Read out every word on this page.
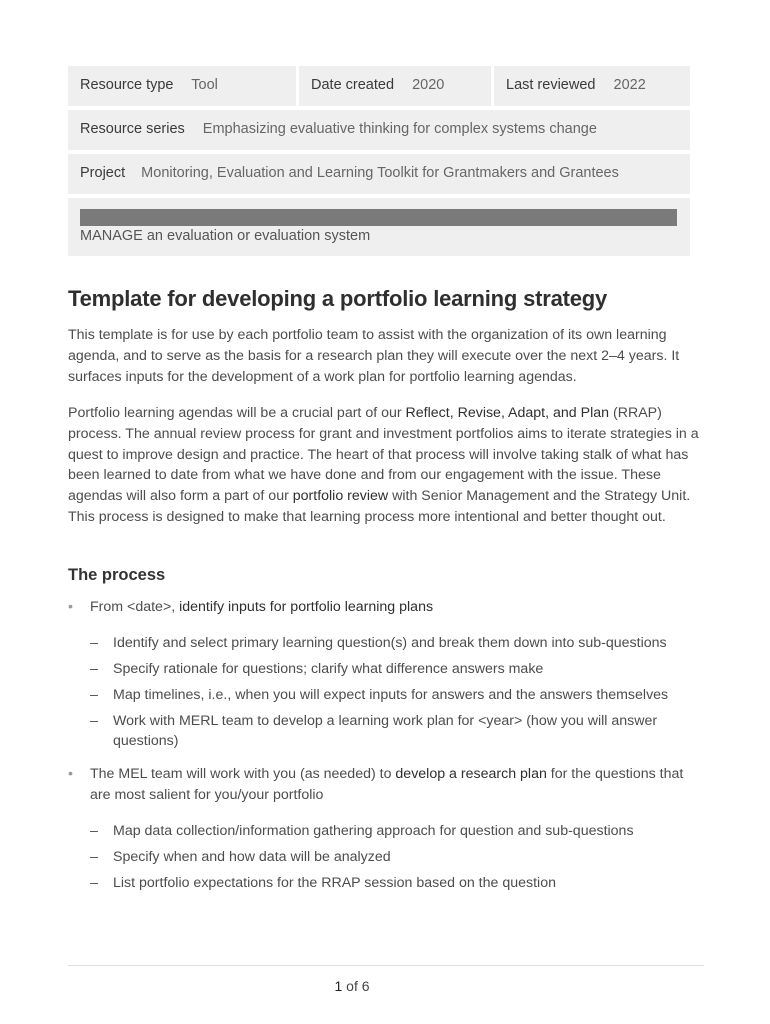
Resource type Tool	Date created 2020	Last reviewed 2022
Resource series Emphasizing evaluative thinking for complex systems change
Project Monitoring, Evaluation and Learning Toolkit for Grantmakers and Grantees
MANAGE an evaluation or evaluation system
Template for developing a portfolio learning strategy

This template is for use by each portfolio team to assist with the organization of its own learning agenda, and to serve as the basis for a research plan they will execute over the next 2–4 years. It surfaces inputs for the development of a work plan for portfolio learning agendas.

Portfolio learning agendas will be a crucial part of our Reflect, Revise, Adapt, and Plan (RRAP) process. The annual review process for grant and investment portfolios aims to iterate strategies in a quest to improve design and practice. The heart of that process will involve taking stalk of what has been learned to date from what we have done and from our engagement with the issue. These agendas will also form a part of our portfolio review with Senior Management and the Strategy Unit. This process is designed to make that learning process more intentional and better thought out.

The process
• From <date>, identify inputs for portfolio learning plans
– Identify and select primary learning question(s) and break them down into sub-questions
– Specify rationale for questions; clarify what difference answers make
– Map timelines, i.e., when you will expect inputs for answers and the answers themselves
– Work with MERL team to develop a learning work plan for <year> (how you will answer questions)
• The MEL team will work with you (as needed) to develop a research plan for the questions that are most salient for you/your portfolio
– Map data collection/information gathering approach for question and sub-questions
– Specify when and how data will be analyzed
– List portfolio expectations for the RRAP session based on the question
1 of 6
